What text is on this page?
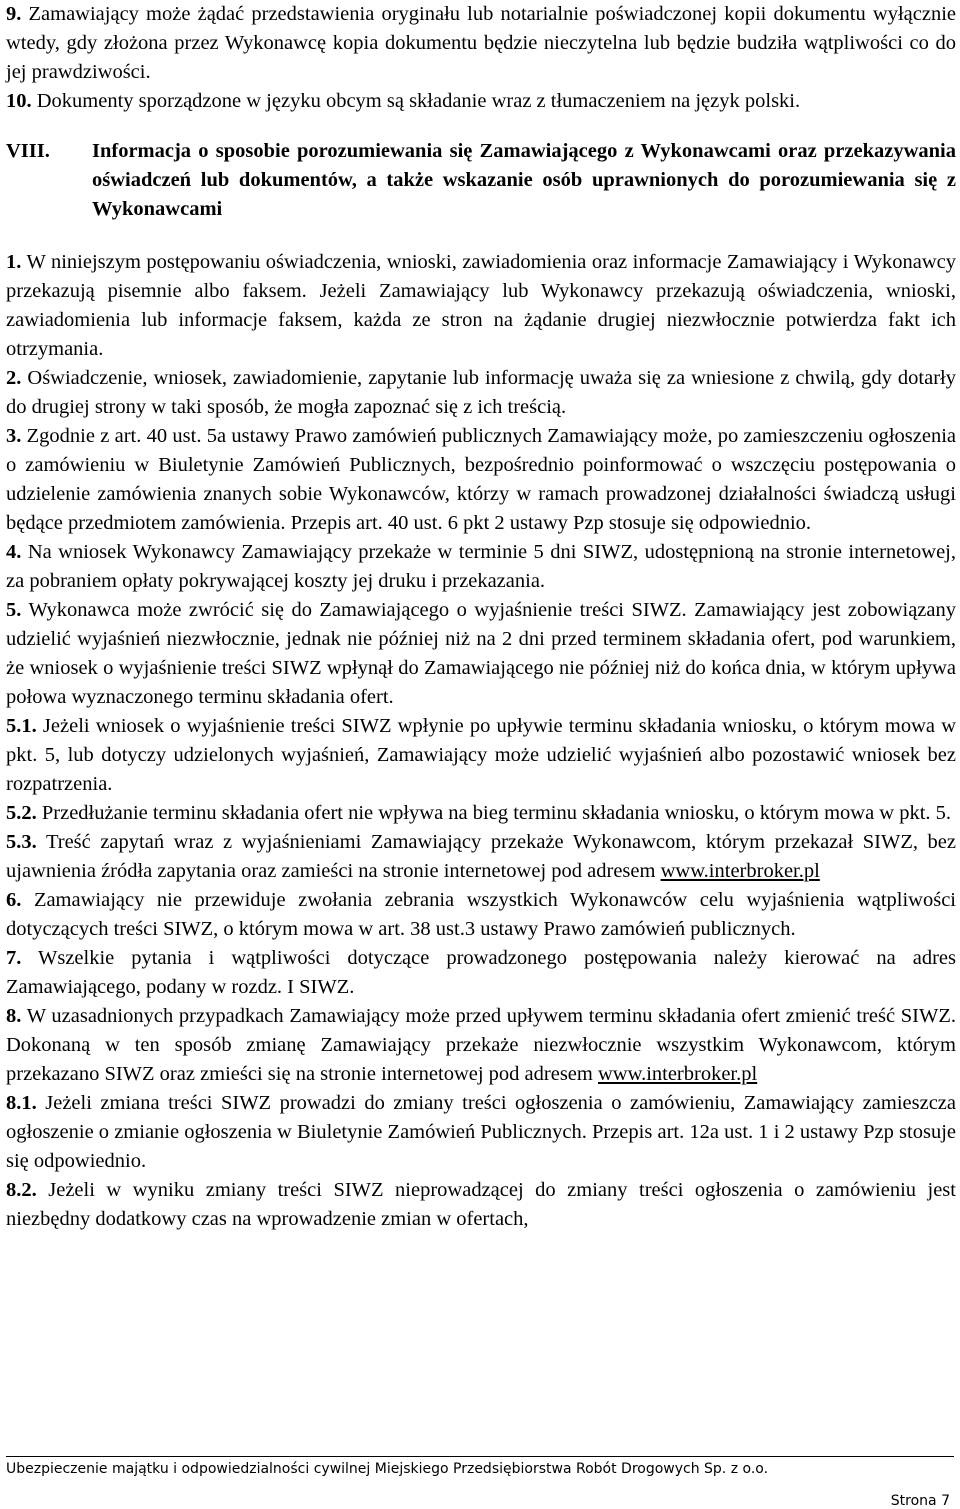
9. Zamawiający może żądać przedstawienia oryginału lub notarialnie poświadczonej kopii dokumentu wyłącznie wtedy, gdy złożona przez Wykonawcę kopia dokumentu będzie nieczytelna lub będzie budziła wątpliwości co do jej prawdziwości.

10. Dokumenty sporządzone w języku obcym są składanie wraz z tłumaczeniem na język polski.

VIII.	Informacja o sposobie porozumiewania się Zamawiającego z Wykonawcami oraz przekazywania oświadczeń lub dokumentów, a także wskazanie osób uprawnionych do porozumiewania się z Wykonawcami

1. W niniejszym postępowaniu oświadczenia, wnioski, zawiadomienia oraz informacje Zamawiający i Wykonawcy przekazują pisemnie albo faksem. Jeżeli Zamawiający lub Wykonawcy przekazują oświadczenia, wnioski, zawiadomienia lub informacje faksem, każda ze stron na żądanie drugiej niezwłocznie potwierdza fakt ich otrzymania.

2. Oświadczenie, wniosek, zawiadomienie, zapytanie lub informację uważa się za wniesione z chwilą, gdy dotarły do drugiej strony w taki sposób, że mogła zapoznać się z ich treścią.

3. Zgodnie z art. 40 ust. 5a ustawy Prawo zamówień publicznych Zamawiający może, po zamieszczeniu ogłoszenia o zamówieniu w Biuletynie Zamówień Publicznych, bezpośrednio poinformować o wszczęciu postępowania o udzielenie zamówienia znanych sobie Wykonawców, którzy w ramach prowadzonej działalności świadczą usługi będące przedmiotem zamówienia. Przepis art. 40 ust. 6 pkt 2 ustawy Pzp stosuje się odpowiednio.

4. Na wniosek Wykonawcy Zamawiający przekaże w terminie 5 dni SIWZ, udostępnioną na stronie internetowej, za pobraniem opłaty pokrywającej koszty jej druku i przekazania.

5. Wykonawca może zwrócić się do Zamawiającego o wyjaśnienie treści SIWZ. Zamawiający jest zobowiązany udzielić wyjaśnień niezwłocznie, jednak nie później niż na 2 dni przed terminem składania ofert, pod warunkiem, że wniosek o wyjaśnienie treści SIWZ wpłynął do Zamawiającego nie później niż do końca dnia, w którym upływa połowa wyznaczonego terminu składania ofert.

5.1. Jeżeli wniosek o wyjaśnienie treści SIWZ wpłynie po upływie terminu składania wniosku, o którym mowa w pkt. 5, lub dotyczy udzielonych wyjaśnień, Zamawiający może udzielić wyjaśnień albo pozostawić wniosek bez rozpatrzenia.

5.2. Przedłużanie terminu składania ofert nie wpływa na bieg terminu składania wniosku, o którym mowa w pkt. 5.

5.3. Treść zapytań wraz z wyjaśnieniami Zamawiający przekaże Wykonawcom, którym przekazał SIWZ, bez ujawnienia źródła zapytania oraz zamieści na stronie internetowej pod adresem www.interbroker.pl

6. Zamawiający nie przewiduje zwołania zebrania wszystkich Wykonawców celu wyjaśnienia wątpliwości dotyczących treści SIWZ, o którym mowa w art. 38 ust.3 ustawy Prawo zamówień publicznych.

7. Wszelkie pytania i wątpliwości dotyczące prowadzonego postępowania należy kierować na adres Zamawiającego, podany w rozdz. I SIWZ.

8. W uzasadnionych przypadkach Zamawiający może przed upływem terminu składania ofert zmienić treść SIWZ. Dokonaną w ten sposób zmianę Zamawiający przekaże niezwłocznie wszystkim Wykonawcom, którym przekazano SIWZ oraz zmieści się na stronie internetowej pod adresem www.interbroker.pl

8.1. Jeżeli zmiana treści SIWZ prowadzi do zmiany treści ogłoszenia o zamówieniu, Zamawiający zamieszcza ogłoszenie o zmianie ogłoszenia w Biuletynie Zamówień Publicznych. Przepis art. 12a ust. 1 i 2 ustawy Pzp stosuje się odpowiednio.

8.2. Jeżeli w wyniku zmiany treści SIWZ nieprowadzącej do zmiany treści ogłoszenia o zamówieniu jest niezbędny dodatkowy czas na wprowadzenie zmian w ofertach,

Ubezpieczenie majątku i odpowiedzialności cywilnej Miejskiego Przedsiębiorstwa Robót Drogowych Sp. z o.o.
Strona 7
